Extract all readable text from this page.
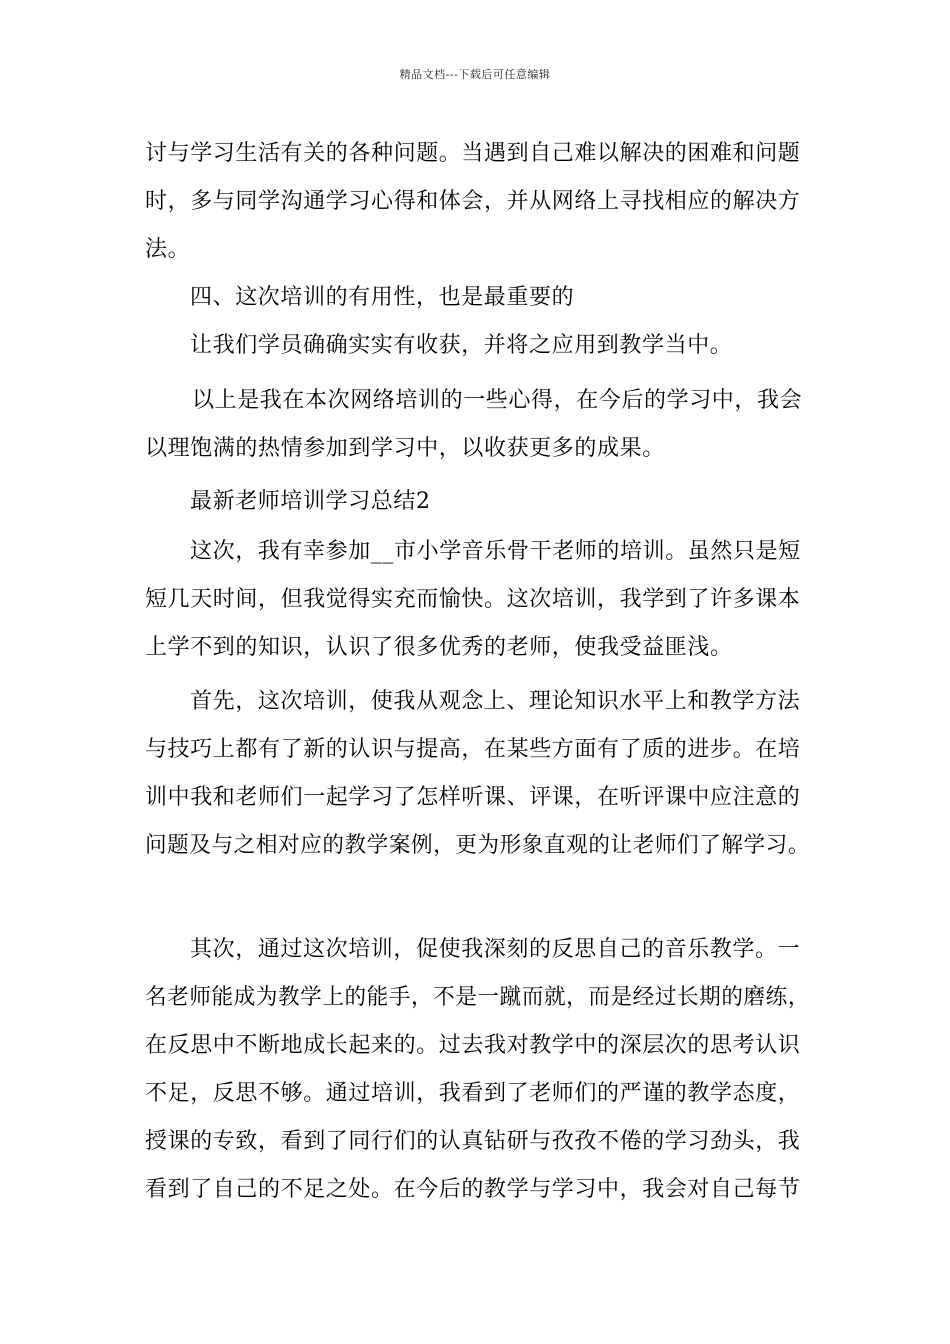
精品文档---下载后可任意编辑
讨与学习生活有关的各种问题。当遇到自己难以解决的困难和问题
时，多与同学沟通学习心得和体会，并从网络上寻找相应的解决方
法。
四、这次培训的有用性，也是最重要的
让我们学员确确实实有收获，并将之应用到教学当中。
以上是我在本次网络培训的一些心得，在今后的学习中，我会
以理饱满的热情参加到学习中，以收获更多的成果。
最新老师培训学习总结2
这次，我有幸参加__市小学音乐骨干老师的培训。虽然只是短
短几天时间，但我觉得实充而愉快。这次培训，我学到了许多课本
上学不到的知识，认识了很多优秀的老师，使我受益匪浅。
首先，这次培训，使我从观念上、理论知识水平上和教学方法
与技巧上都有了新的认识与提高，在某些方面有了质的进步。在培
训中我和老师们一起学习了怎样听课、评课，在听评课中应注意的
问题及与之相对应的教学案例，更为形象直观的让老师们了解学习。
其次，通过这次培训，促使我深刻的反思自己的音乐教学。一
名老师能成为教学上的能手，不是一蹴而就，而是经过长期的磨练，
在反思中不断地成长起来的。过去我对教学中的深层次的思考认识
不足，反思不够。通过培训，我看到了老师们的严谨的教学态度，
授课的专致，看到了同行们的认真钻研与孜孜不倦的学习劲头，我
看到了自己的不足之处。在今后的教学与学习中，我会对自己每节
